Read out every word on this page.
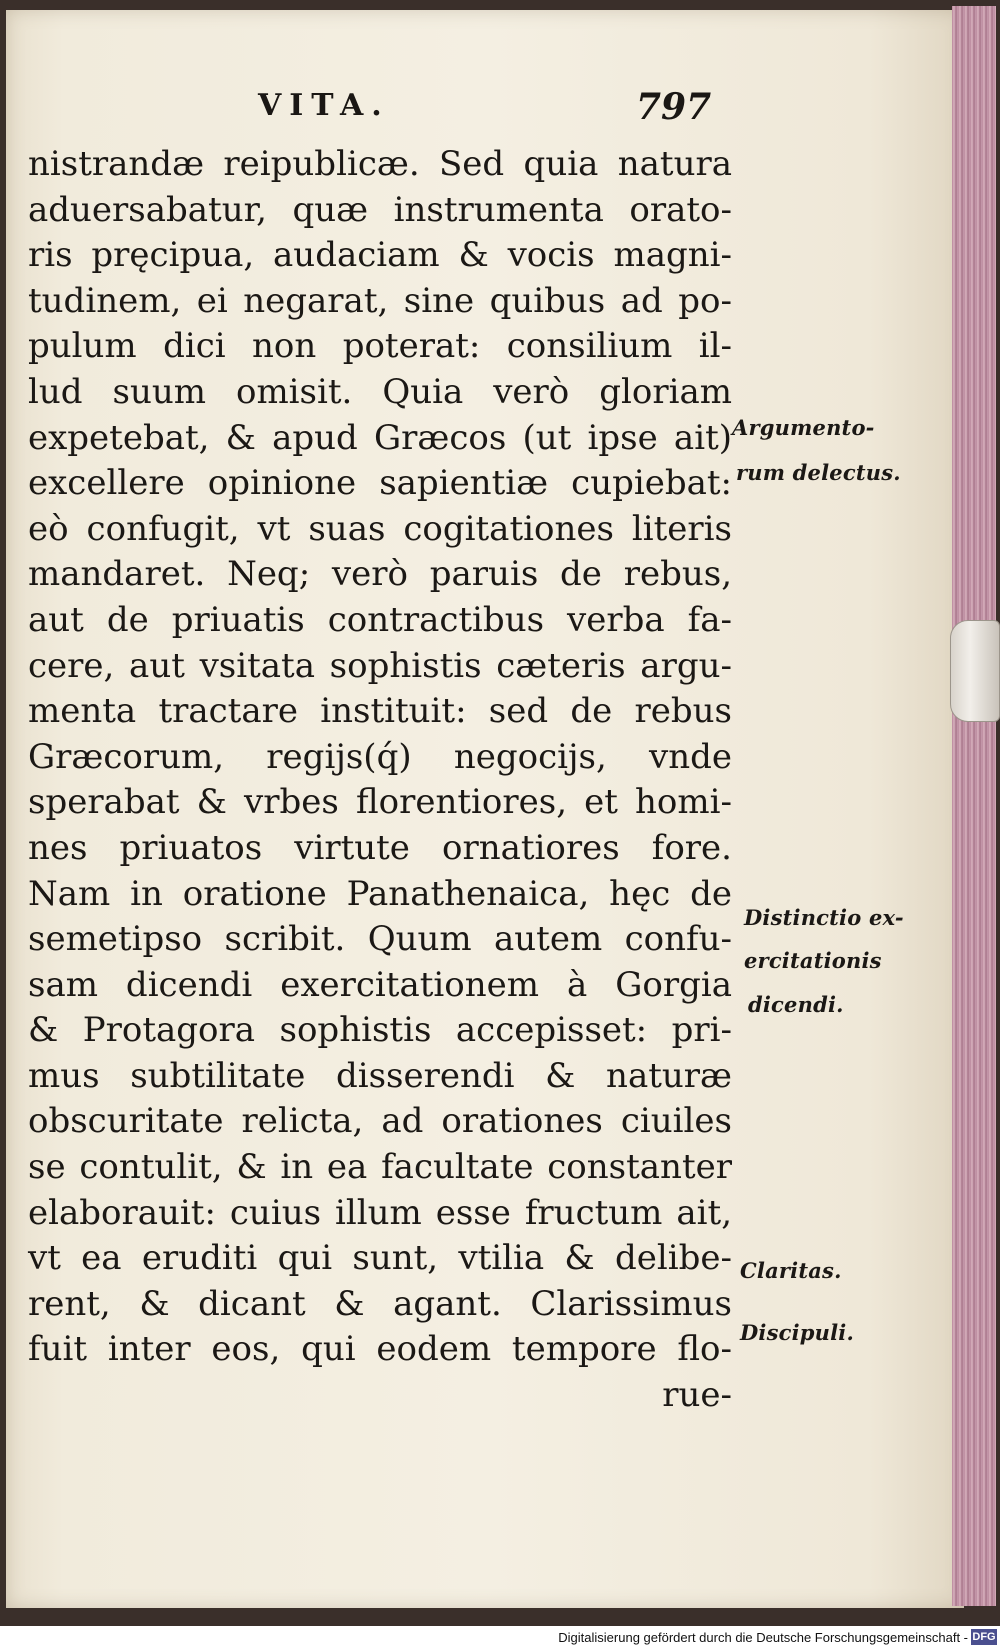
VITA.	797
nistrandæ reipublicæ. Sed quia natura
aduersabatur, quæ instrumenta orato-
ris pręcipua, audaciam & vocis magni-
tudinem, ei negarat, sine quibus ad po-
pulum dici non poterat: consilium il-
lud suum omisit. Quia verò gloriam
expetebat, & apud Græcos (ut ipse ait)
excellere opinione sapientiæ cupiebat:
eò confugit, vt suas cogitationes literis
mandaret. Neq; verò paruis de rebus,
aut de priuatis contractibus verba fa-
cere, aut vsitata sophistis cæteris argu-
menta tractare instituit: sed de rebus
Græcorum, regijs(q́) negocijs, vnde
sperabat & vrbes florentiores, et homi-
nes priuatos virtute ornatiores fore.
Nam in oratione Panathenaica, hęc de
semetipso scribit. Quum autem confu-
sam dicendi exercitationem à Gorgia
& Protagora sophistis accepisset: pri-
mus subtilitate disserendi & naturæ
obscuritate relicta, ad orationes ciuiles
se contulit, & in ea facultate constanter
elaborauit: cuius illum esse fructum ait,
vt ea eruditi qui sunt, vtilia & delibe-
rent, & dicant & agant. Clarissimus
fuit inter eos, qui eodem tempore flo-
rue-
Argumento-
rum delectus.
Distinctio ex-
ercitationis
dicendi.
Claritas.
Discipuli.
Digitalisierung gefördert durch die Deutsche Forschungsgemeinschaft - DFG
